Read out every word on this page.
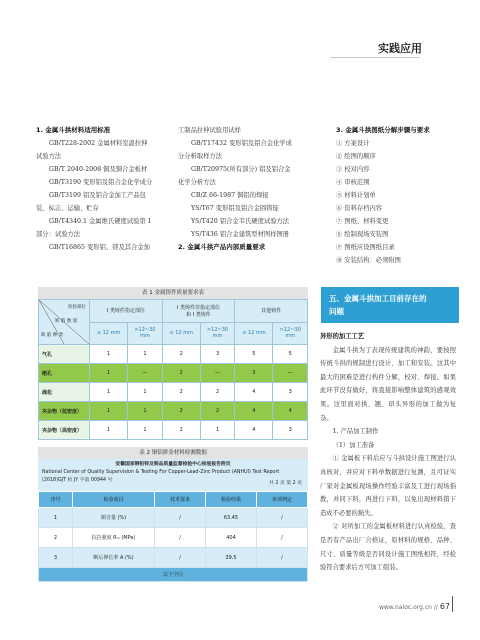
实践应用
1. 金属斗拱材料适用标准
GB/T228-2002 金属材料室温拉伸
试验方法
GB/T 2040-2008 铜及铜合金板材
GB/T3190 变形铝及铝合金化学成分
GB/T3199 铝及铝合金加工产品包
装、标志、运输、贮存
GB/T4340.1 金属维氏硬度试验第 1
部分：试验方法
GB/T16865 变形铝、镁及其合金加
工制品拉伸试验用试样
GB/T17432 变形铝及铝合金化学成
分分析取样方法
GB/T20975(所有部分) 铝及铝合金
化学分析方法
CB/Z 66-1987 铜铝的焊接
YS/T67 变形铝及铝合金圆铸锭
YS/T420 铝合金韦氏硬度试验方法
YS/T436 铝合金建筑型材图样图册
2. 金属斗拱产品内部质量要求
3. 金属斗拱图纸分解步骤与要求
① 方案设计
② 绘图的顺序
③ 校对内容
④ 审核范围
⑤ 材料计划单
⑥ 资料存档内容
⑦ 图纸、材料变更
⑧ 绘制现场安装图
⑨ 图纸应设图纸目录
⑩ 安装结构：必须附图
五、金属斗拱加工目前存在的
问题
异形的加工工艺

金属斗拱为了表现传统建筑的神韵，要按照传统斗拱的规制进行设计、加工和安装。这其中最大的困难是进行构件分解，校对、焊接。如果此环节没有做好，将直接影响整体建筑的感观效果。这里面对拱、翘、昂头异形的加工做为复杂。

1. 产品加工制作

（1）加工准备

① 金属板下料后应与斗拱设计施工图进行认真核对，并应对下料单数据进行复测，且可证实厂家对金属板现场操作经验丰富及工进行现场指教，并同下料，再进行下料，以免出现材料错下造成不必要的损失。

② 对所加工的金属板材料进行认真检验，查是否有产品出厂合格证，原材料的规格、品种、尺寸、质量等级是否同设计施工图纸相符，经检验符合要求后方可加工组装。

表 1 金属铸件质量要求表
检验部位
缺 陷 数 量
缺 陷 种 类	I 类铸件指定部位		I 类铸件非指定部位
和 I 类铸件		其他铸件	
	≤ 12 mm	>12~30
mm	≤ 12 mm	>12~30
mm	≤ 12 mm	>12~30
mm
气孔	1	1	2	3	5	5
缩孔	1	—	2	—	3	—
疏松	1	1	2	2	4	3
夹杂物（低密度）	1	1	2	2	4	4
夹杂物（高密度）	1	1	2	1	4	3
表 2 铜铝拼金材料检测数据
安徽国家铜铅锌及制品质量监督检验中心检验报告附页
National Center of Quality Supervision & Testing For Copper-Lead-Zinc Product (ANHUI) Test Report
(2018)GJT 检 JY 字第 00944 号
共 2 页 第 2 页
序号	检验项目	技术要求	检验结果	单项判定
1	铜含量 (%)	/	63.45	/
2	抗拉强度 Rₘ (MPa)	/	404	/
3	断后伸长率 A (%)	/	39.5	/
以下空白				
www.naioc.org.cn // 67
